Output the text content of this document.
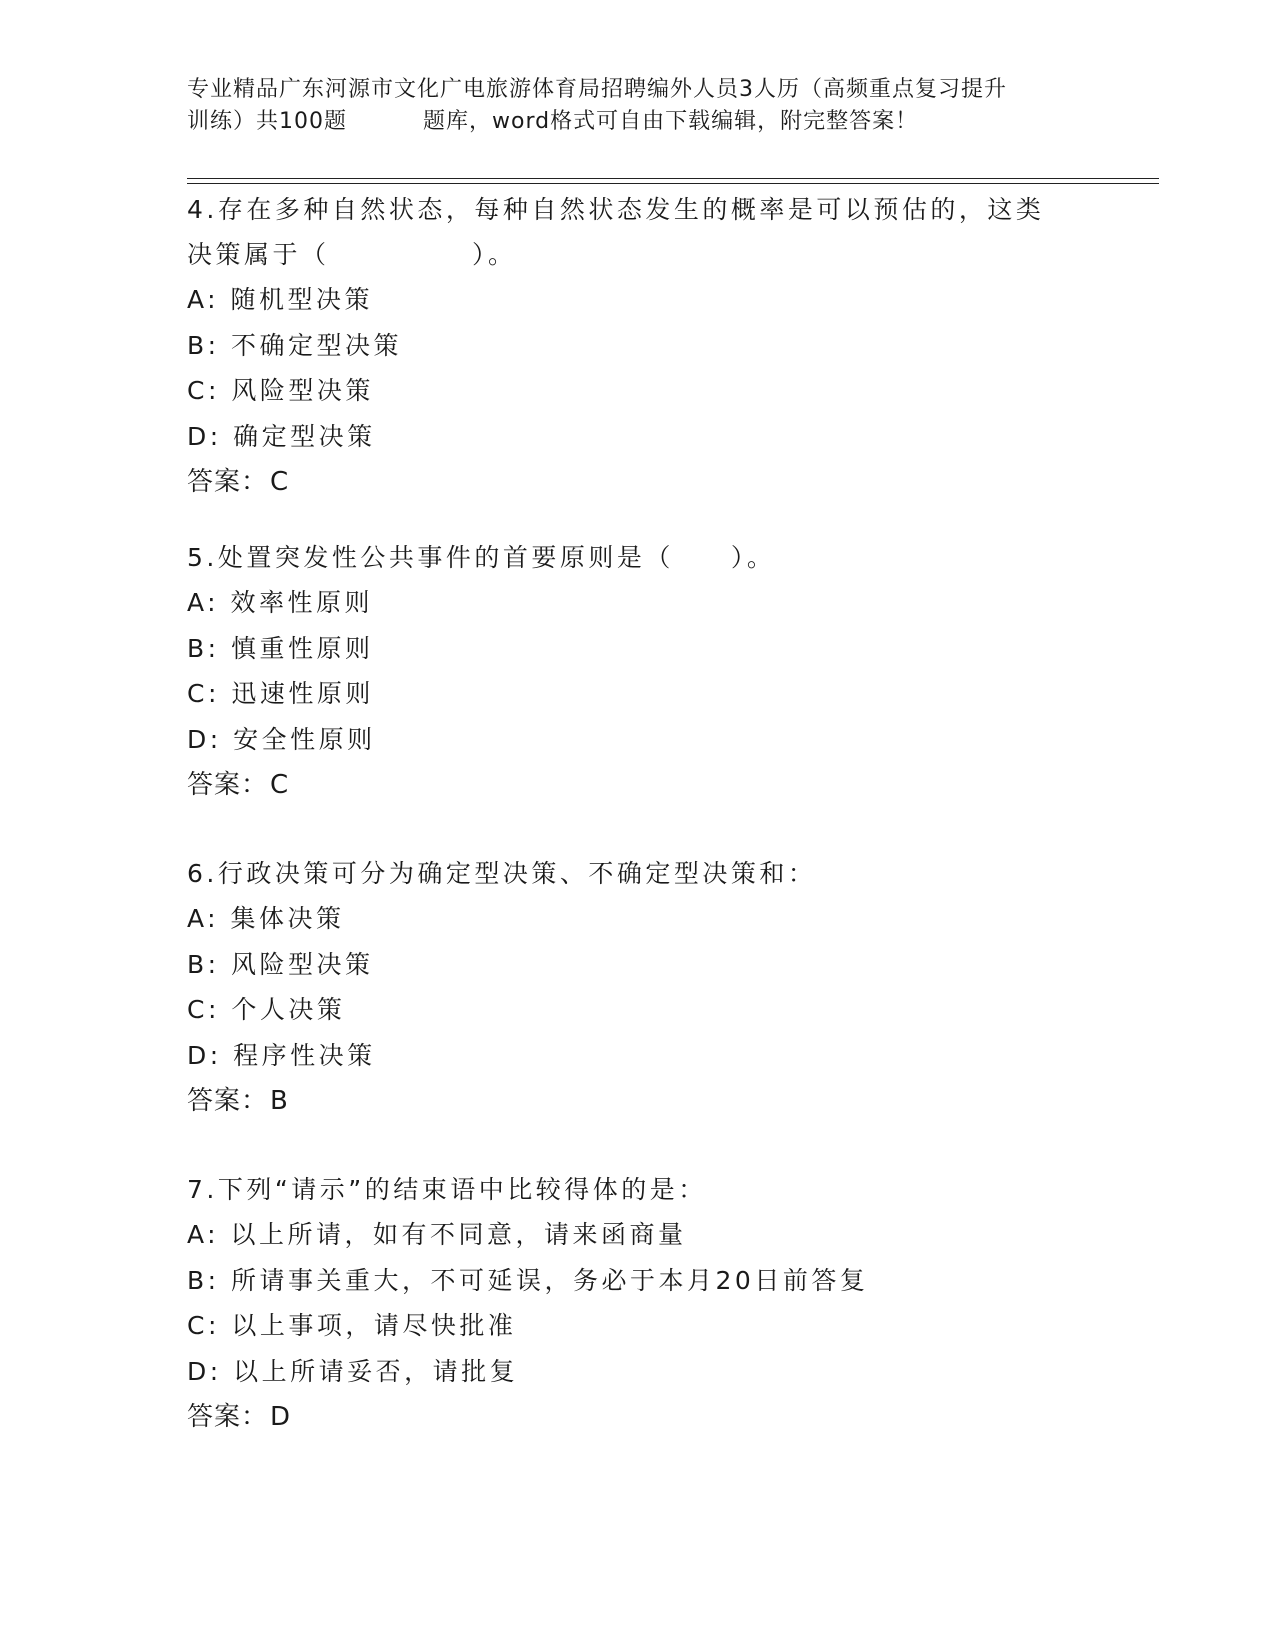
专业精品广东河源市文化广电旅游体育局招聘编外人员3人历（高频重点复习提升
训练）共100题	题库，word格式可自由下载编辑，附完整答案！
4.存在多种自然状态，每种自然状态发生的概率是可以预估的，这类
决策属于（　　　　　）。
A: 随机型决策
B: 不确定型决策
C: 风险型决策
D: 确定型决策
答案：C
5.处置突发性公共事件的首要原则是（　　）。
A: 效率性原则
B: 慎重性原则
C: 迅速性原则
D: 安全性原则
答案：C
6.行政决策可分为确定型决策、不确定型决策和：
A: 集体决策
B: 风险型决策
C: 个人决策
D: 程序性决策
答案：B
7.下列“请示”的结束语中比较得体的是：
A: 以上所请，如有不同意，请来函商量
B: 所请事关重大，不可延误，务必于本月20日前答复
C: 以上事项，请尽快批准
D: 以上所请妥否，请批复
答案：D
